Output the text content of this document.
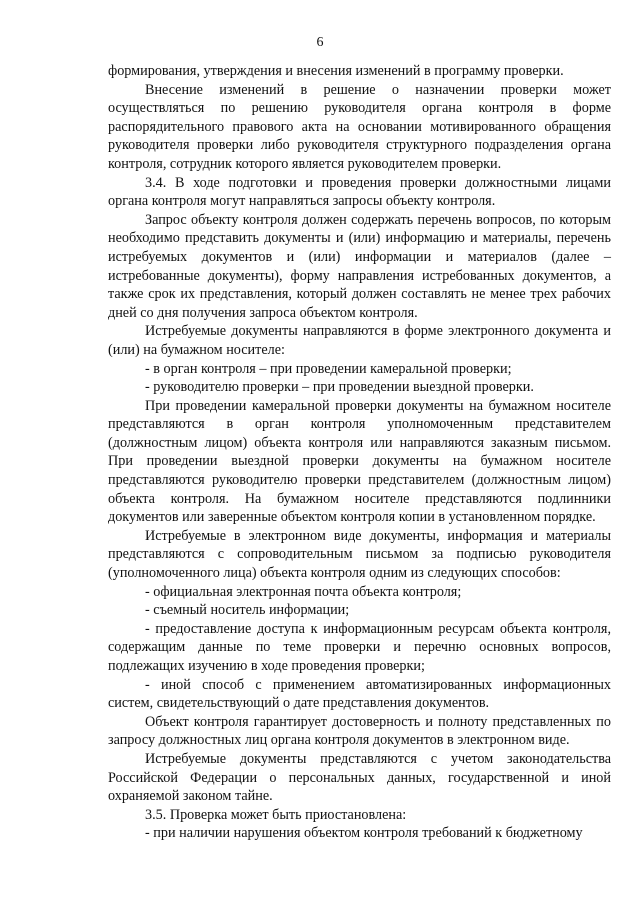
6

формирования, утверждения и внесения изменений в программу проверки.

Внесение изменений в решение о назначении проверки может осуществляться по решению руководителя органа контроля в форме распорядительного правового акта на основании мотивированного обращения руководителя проверки либо руководителя структурного подразделения органа контроля, сотрудник которого является руководителем проверки.

3.4. В ходе подготовки и проведения проверки должностными лицами органа контроля могут направляться запросы объекту контроля.

Запрос объекту контроля должен содержать перечень вопросов, по которым необходимо представить документы и (или) информацию и материалы, перечень истребуемых документов и (или) информации и материалов (далее – истребованные документы), форму направления истребованных документов, а также срок их представления, который должен составлять не менее трех рабочих дней со дня получения запроса объектом контроля.

Истребуемые документы направляются в форме электронного документа и (или) на бумажном носителе:

- в орган контроля – при проведении камеральной проверки;

- руководителю проверки – при проведении выездной проверки.

При проведении камеральной проверки документы на бумажном носителе представляются в орган контроля уполномоченным представителем (должностным лицом) объекта контроля или направляются заказным письмом. При проведении выездной проверки документы на бумажном носителе представляются руководителю проверки представителем (должностным лицом) объекта контроля. На бумажном носителе представляются подлинники документов или заверенные объектом контроля копии в установленном порядке.

Истребуемые в электронном виде документы, информация и материалы представляются с сопроводительным письмом за подписью руководителя (уполномоченного лица) объекта контроля одним из следующих способов:

- официальная электронная почта объекта контроля;

- съемный носитель информации;

- предоставление доступа к информационным ресурсам объекта контроля, содержащим данные по теме проверки и перечню основных вопросов, подлежащих изучению в ходе проведения проверки;

- иной способ с применением автоматизированных информационных систем, свидетельствующий о дате представления документов.

Объект контроля гарантирует достоверность и полноту представленных по запросу должностных лиц органа контроля документов в электронном виде.

Истребуемые документы представляются с учетом законодательства Российской Федерации о персональных данных, государственной и иной охраняемой законом тайне.

3.5. Проверка может быть приостановлена:

- при наличии нарушения объектом контроля требований к бюджетному
